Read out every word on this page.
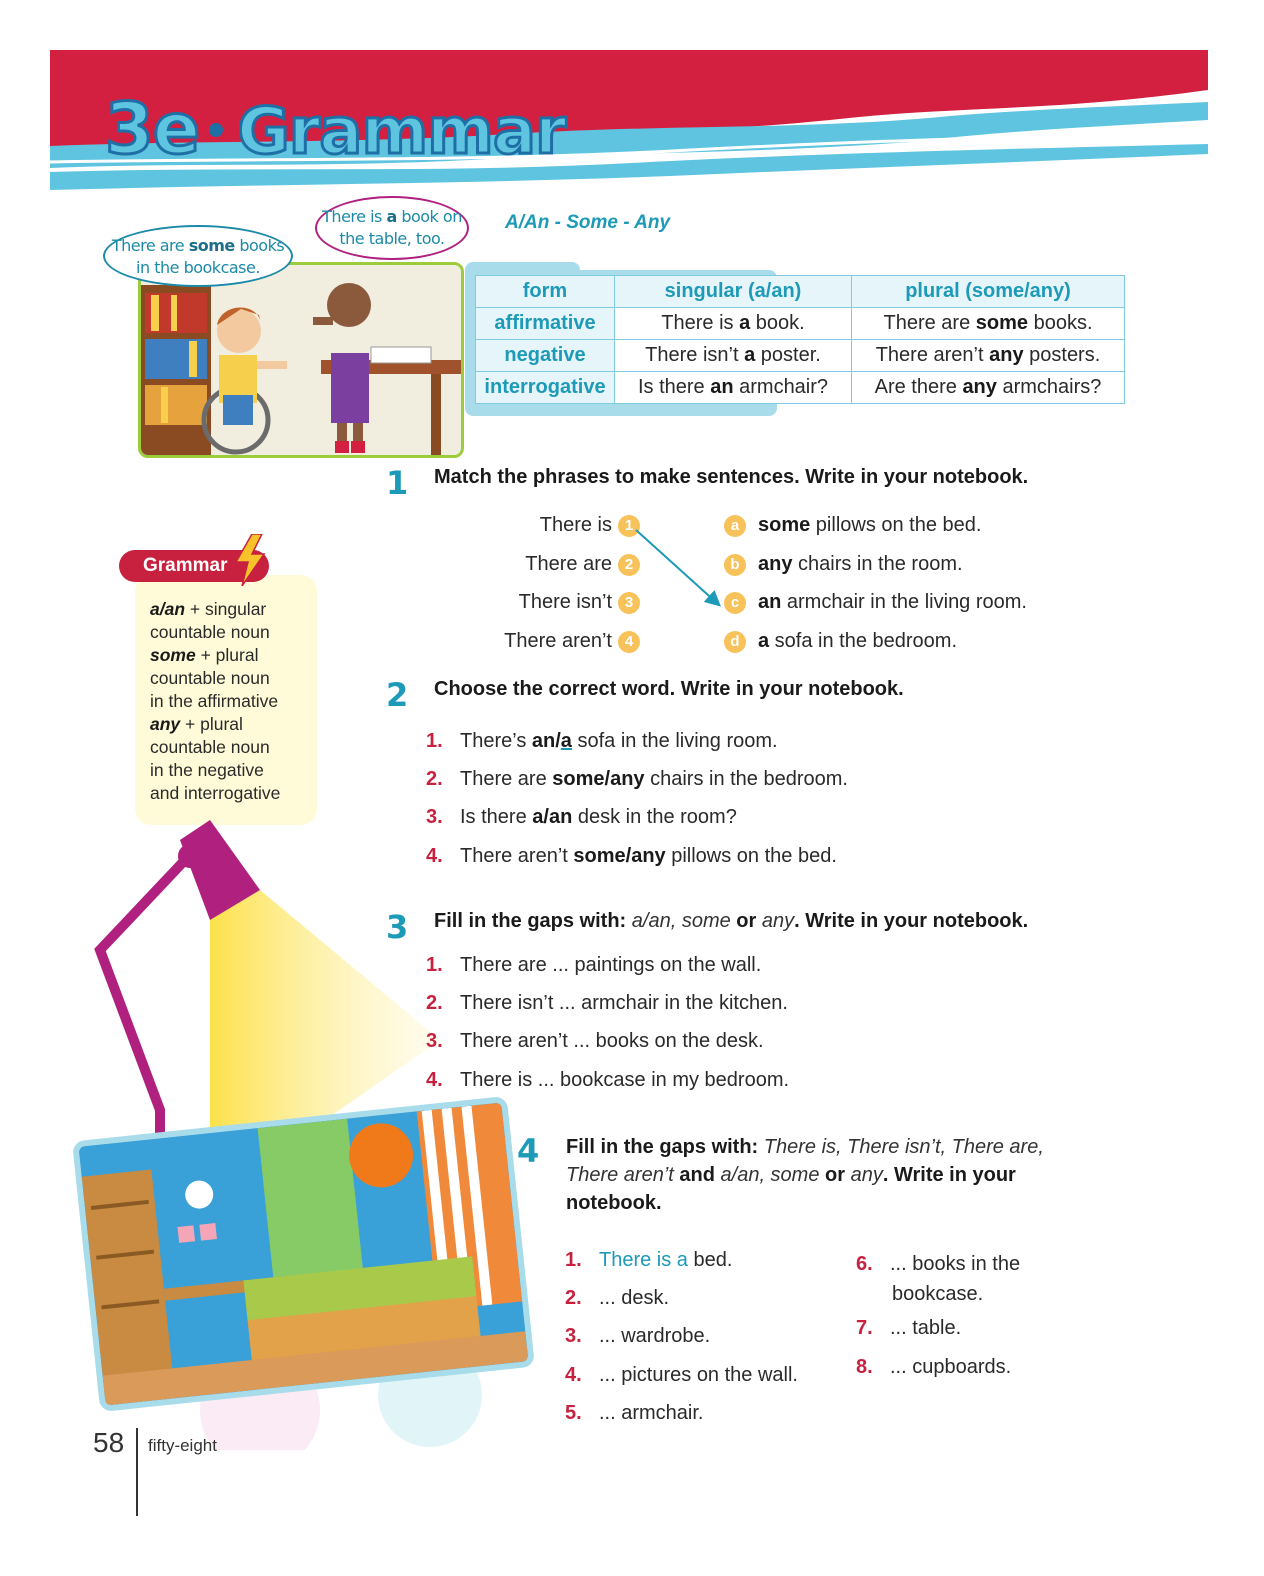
3e Grammar
There are some books in the bookcase.
There is a book on the table, too.
A/An - Some - Any
form	singular (a/an)	plural (some/any)
affirmative	There is a book.	There are some books.
negative	There isn’t a poster.	There aren’t any posters.
interrogative	Is there an armchair?	Are there any armchairs?
1 Match the phrases to make sentences. Write in your notebook.
There is 1
There are 2
There isn’t 3
There aren’t 4
a some pillows on the bed.
b any chairs in the room.
c an armchair in the living room.
d a sofa in the bedroom.
2 Choose the correct word. Write in your notebook.
1. There’s an/a sofa in the living room.
2. There are some/any chairs in the bedroom.
3. Is there a/an desk in the room?
4. There aren’t some/any pillows on the bed.
Grammar
a/an + singular
countable noun
some + plural
countable noun
in the affirmative
any + plural
countable noun
in the negative
and interrogative
3 Fill in the gaps with: a/an, some or any. Write in your notebook.
1. There are ... paintings on the wall.
2. There isn’t ... armchair in the kitchen.
3. There aren’t ... books on the desk.
4. There is ... bookcase in my bedroom.
4 Fill in the gaps with: There is, There isn’t, There are,
There aren’t and a/an, some or any. Write in your
notebook.
1. There is a bed.
2. ... desk.
3. ... wardrobe.
4. ... pictures on the wall.
5. ... armchair.
6. ... books in the
bookcase.
7. ... table.
8. ... cupboards.
58 fifty-eight
